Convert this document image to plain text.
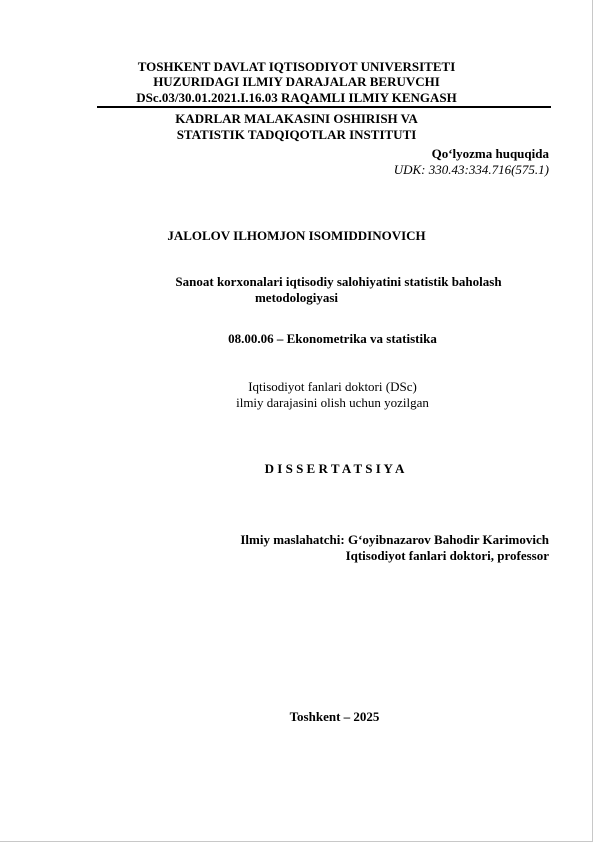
TOSHKENT DAVLAT IQTISODIYOT UNIVERSITETI
HUZURIDAGI ILMIY DARAJALAR BERUVCHI
DSc.03/30.01.2021.I.16.03 RAQAMLI ILMIY KENGASH
KADRLAR MALAKASINI OSHIRISH VA
STATISTIK TADQIQOTLAR INSTITUTI
Qo‘lyozma huquqida
UDK: 330.43:334.716(575.1)
JALOLOV ILHOMJON ISOMIDDINOVICH
Sanoat korxonalari iqtisodiy salohiyatini statistik baholash
metodologiyasi
08.00.06 – Ekonometrika va statistika
Iqtisodiyot fanlari doktori (DSc)
ilmiy darajasini olish uchun yozilgan
D I S S E R T A T S I Y A
Ilmiy maslahatchi: G‘oyibnazarov Bahodir Karimovich
Iqtisodiyot fanlari doktori, professor
Toshkent – 2025
